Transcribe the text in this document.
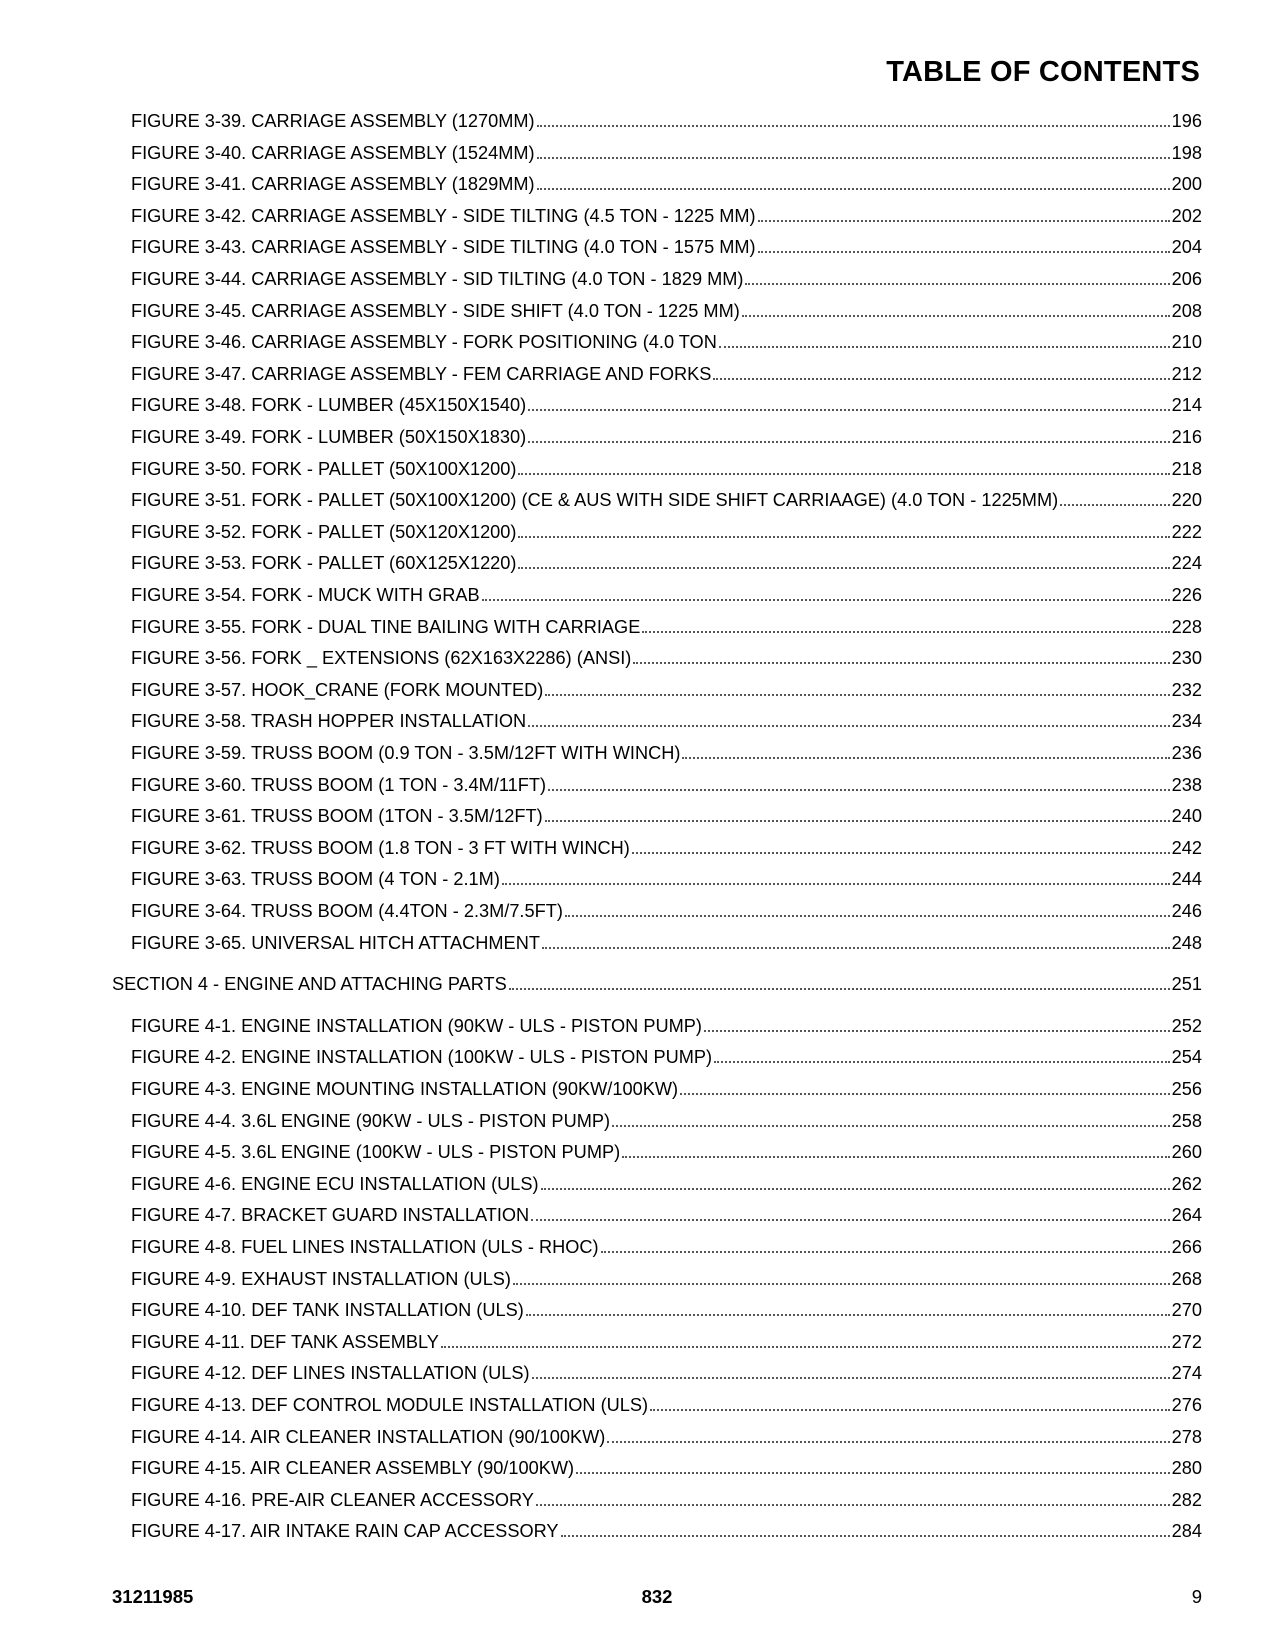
TABLE OF CONTENTS
FIGURE 3-39. CARRIAGE ASSEMBLY (1270MM)	196
FIGURE 3-40. CARRIAGE ASSEMBLY (1524MM)	198
FIGURE 3-41. CARRIAGE ASSEMBLY (1829MM)	200
FIGURE 3-42. CARRIAGE ASSEMBLY - SIDE TILTING (4.5 TON - 1225 MM)	202
FIGURE 3-43. CARRIAGE ASSEMBLY - SIDE TILTING (4.0 TON - 1575 MM)	204
FIGURE 3-44. CARRIAGE ASSEMBLY - SID TILTING (4.0 TON - 1829 MM)	206
FIGURE 3-45. CARRIAGE ASSEMBLY - SIDE SHIFT (4.0 TON - 1225 MM)	208
FIGURE 3-46. CARRIAGE ASSEMBLY - FORK POSITIONING (4.0 TON	210
FIGURE 3-47. CARRIAGE ASSEMBLY - FEM CARRIAGE AND FORKS	212
FIGURE 3-48. FORK - LUMBER (45X150X1540)	214
FIGURE 3-49. FORK - LUMBER (50X150X1830)	216
FIGURE 3-50. FORK - PALLET (50X100X1200)	218
FIGURE 3-51. FORK - PALLET (50X100X1200) (CE & AUS WITH SIDE SHIFT CARRIAAGE) (4.0 TON - 1225MM)	220
FIGURE 3-52. FORK - PALLET (50X120X1200)	222
FIGURE 3-53. FORK - PALLET (60X125X1220)	224
FIGURE 3-54. FORK - MUCK WITH GRAB	226
FIGURE 3-55. FORK - DUAL TINE BAILING WITH CARRIAGE	228
FIGURE 3-56. FORK _ EXTENSIONS (62X163X2286) (ANSI)	230
FIGURE 3-57. HOOK_CRANE (FORK MOUNTED)	232
FIGURE 3-58. TRASH HOPPER INSTALLATION	234
FIGURE 3-59. TRUSS BOOM (0.9 TON - 3.5M/12FT WITH WINCH)	236
FIGURE 3-60. TRUSS BOOM (1 TON - 3.4M/11FT)	238
FIGURE 3-61. TRUSS BOOM (1TON - 3.5M/12FT)	240
FIGURE 3-62. TRUSS BOOM (1.8 TON - 3 FT WITH WINCH)	242
FIGURE 3-63. TRUSS BOOM (4 TON - 2.1M)	244
FIGURE 3-64. TRUSS BOOM (4.4TON - 2.3M/7.5FT)	246
FIGURE 3-65. UNIVERSAL HITCH ATTACHMENT	248
SECTION 4 - ENGINE AND ATTACHING PARTS	251
FIGURE 4-1. ENGINE INSTALLATION (90KW - ULS - PISTON PUMP)	252
FIGURE 4-2. ENGINE INSTALLATION (100KW - ULS - PISTON PUMP)	254
FIGURE 4-3. ENGINE MOUNTING INSTALLATION (90KW/100KW)	256
FIGURE 4-4. 3.6L ENGINE (90KW - ULS - PISTON PUMP)	258
FIGURE 4-5. 3.6L ENGINE (100KW - ULS - PISTON PUMP)	260
FIGURE 4-6. ENGINE ECU INSTALLATION (ULS)	262
FIGURE 4-7. BRACKET GUARD INSTALLATION	264
FIGURE 4-8. FUEL LINES INSTALLATION (ULS - RHOC)	266
FIGURE 4-9. EXHAUST INSTALLATION (ULS)	268
FIGURE 4-10. DEF TANK INSTALLATION (ULS)	270
FIGURE 4-11. DEF TANK ASSEMBLY	272
FIGURE 4-12. DEF LINES INSTALLATION (ULS)	274
FIGURE 4-13. DEF CONTROL MODULE INSTALLATION (ULS)	276
FIGURE 4-14. AIR CLEANER INSTALLATION (90/100KW)	278
FIGURE 4-15. AIR CLEANER ASSEMBLY (90/100KW)	280
FIGURE 4-16. PRE-AIR CLEANER ACCESSORY	282
FIGURE 4-17. AIR INTAKE RAIN CAP ACCESSORY	284
31211985	832	9
